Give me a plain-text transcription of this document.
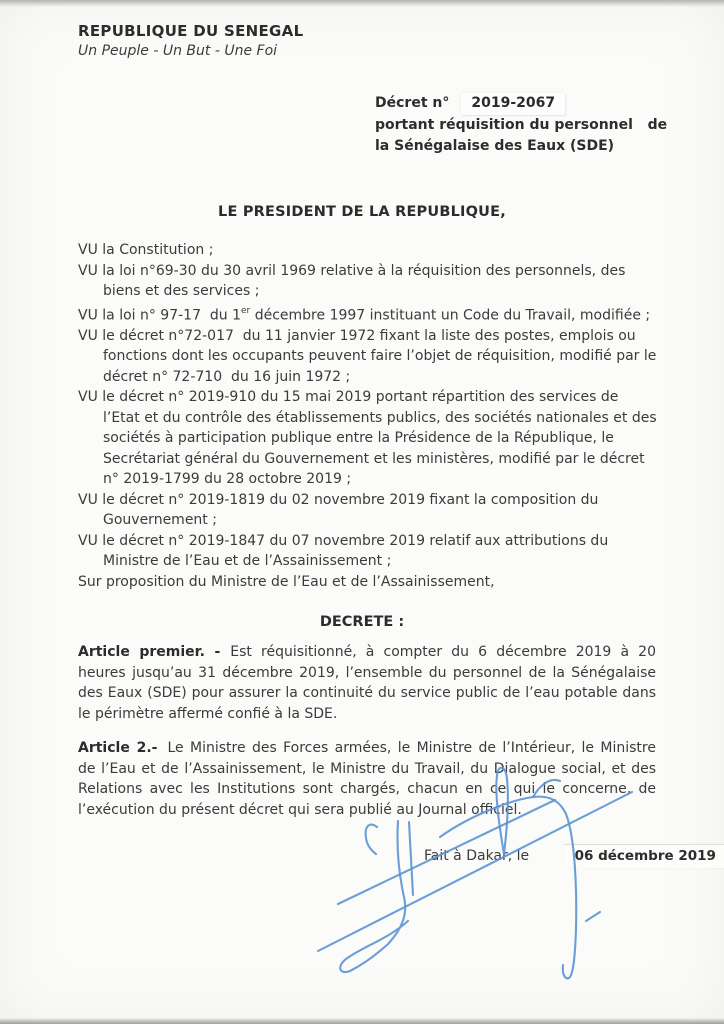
REPUBLIQUE DU SENEGAL
Un Peuple - Un But - Une Foi
Décret n° 2019-2067
portant réquisition du personnel   de
la Sénégalaise des Eaux (SDE)
LE PRESIDENT DE LA REPUBLIQUE,
VU la Constitution ;
VU la loi n°69-30 du 30 avril 1969 relative à la réquisition des personnels, des biens et des services ;
VU la loi n° 97-17  du 1er décembre 1997 instituant un Code du Travail, modifiée ;
VU le décret n°72-017  du 11 janvier 1972 fixant la liste des postes, emplois ou fonctions dont les occupants peuvent faire l’objet de réquisition, modifié par le décret n° 72-710  du 16 juin 1972 ;
VU le décret n° 2019-910 du 15 mai 2019 portant répartition des services de l’Etat et du contrôle des établissements publics, des sociétés nationales et des sociétés à participation publique entre la Présidence de la République, le Secrétariat général du Gouvernement et les ministères, modifié par le décret n° 2019-1799 du 28 octobre 2019 ;
VU le décret n° 2019-1819 du 02 novembre 2019 fixant la composition du Gouvernement ;
VU le décret n° 2019-1847 du 07 novembre 2019 relatif aux attributions du Ministre de l’Eau et de l’Assainissement ;
Sur proposition du Ministre de l’Eau et de l’Assainissement,
DECRETE :

Article premier. - Est réquisitionné, à compter du 6 décembre 2019 à 20 heures jusqu’au 31 décembre 2019, l’ensemble du personnel de la Sénégalaise des Eaux (SDE) pour assurer la continuité du service public de l’eau potable dans le périmètre affermé confié à la SDE.

Article 2.- Le Ministre des Forces armées, le Ministre de l’Intérieur, le Ministre de l’Eau et de l’Assainissement, le Ministre du Travail, du Dialogue social, et des Relations avec les Institutions sont chargés, chacun en ce qui le concerne, de l’exécution du présent décret qui sera publié au Journal officiel.

Fait à Dakar, le	06 décembre 2019
